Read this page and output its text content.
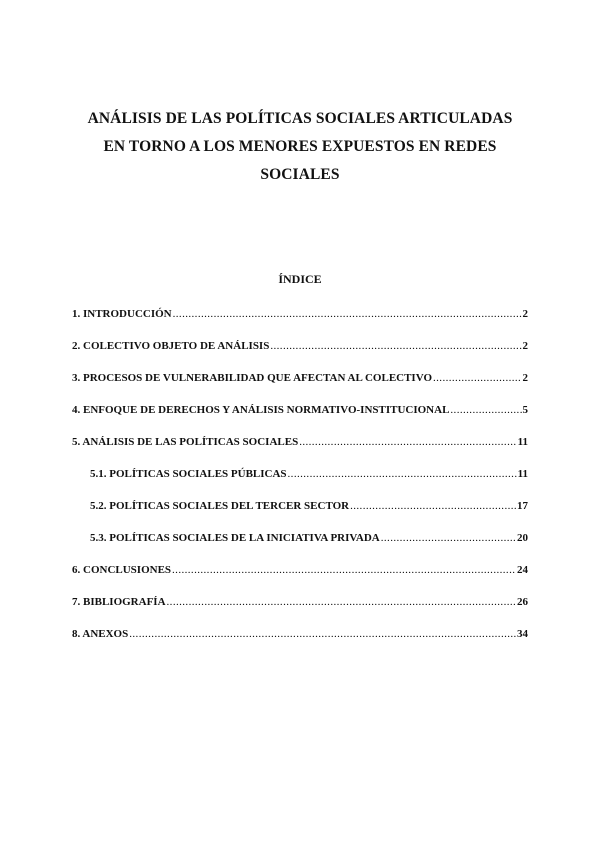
ANÁLISIS DE LAS POLÍTICAS SOCIALES ARTICULADAS
EN TORNO A LOS MENORES EXPUESTOS EN REDES
SOCIALES
ÍNDICE
1. INTRODUCCIÓN .....	2
2. COLECTIVO OBJETO DE ANÁLISIS .....	2
3. PROCESOS DE VULNERABILIDAD QUE AFECTAN AL COLECTIVO .....	2
4. ENFOQUE DE DERECHOS Y ANÁLISIS NORMATIVO-INSTITUCIONAL .....	5
5. ANÁLISIS DE LAS POLÍTICAS SOCIALES .....	11
5.1. POLÍTICAS SOCIALES PÚBLICAS .....	11
5.2. POLÍTICAS SOCIALES DEL TERCER SECTOR .....	17
5.3. POLÍTICAS SOCIALES DE LA INICIATIVA PRIVADA .....	20
6. CONCLUSIONES .....	24
7. BIBLIOGRAFÍA .....	26
8. ANEXOS .....	34
